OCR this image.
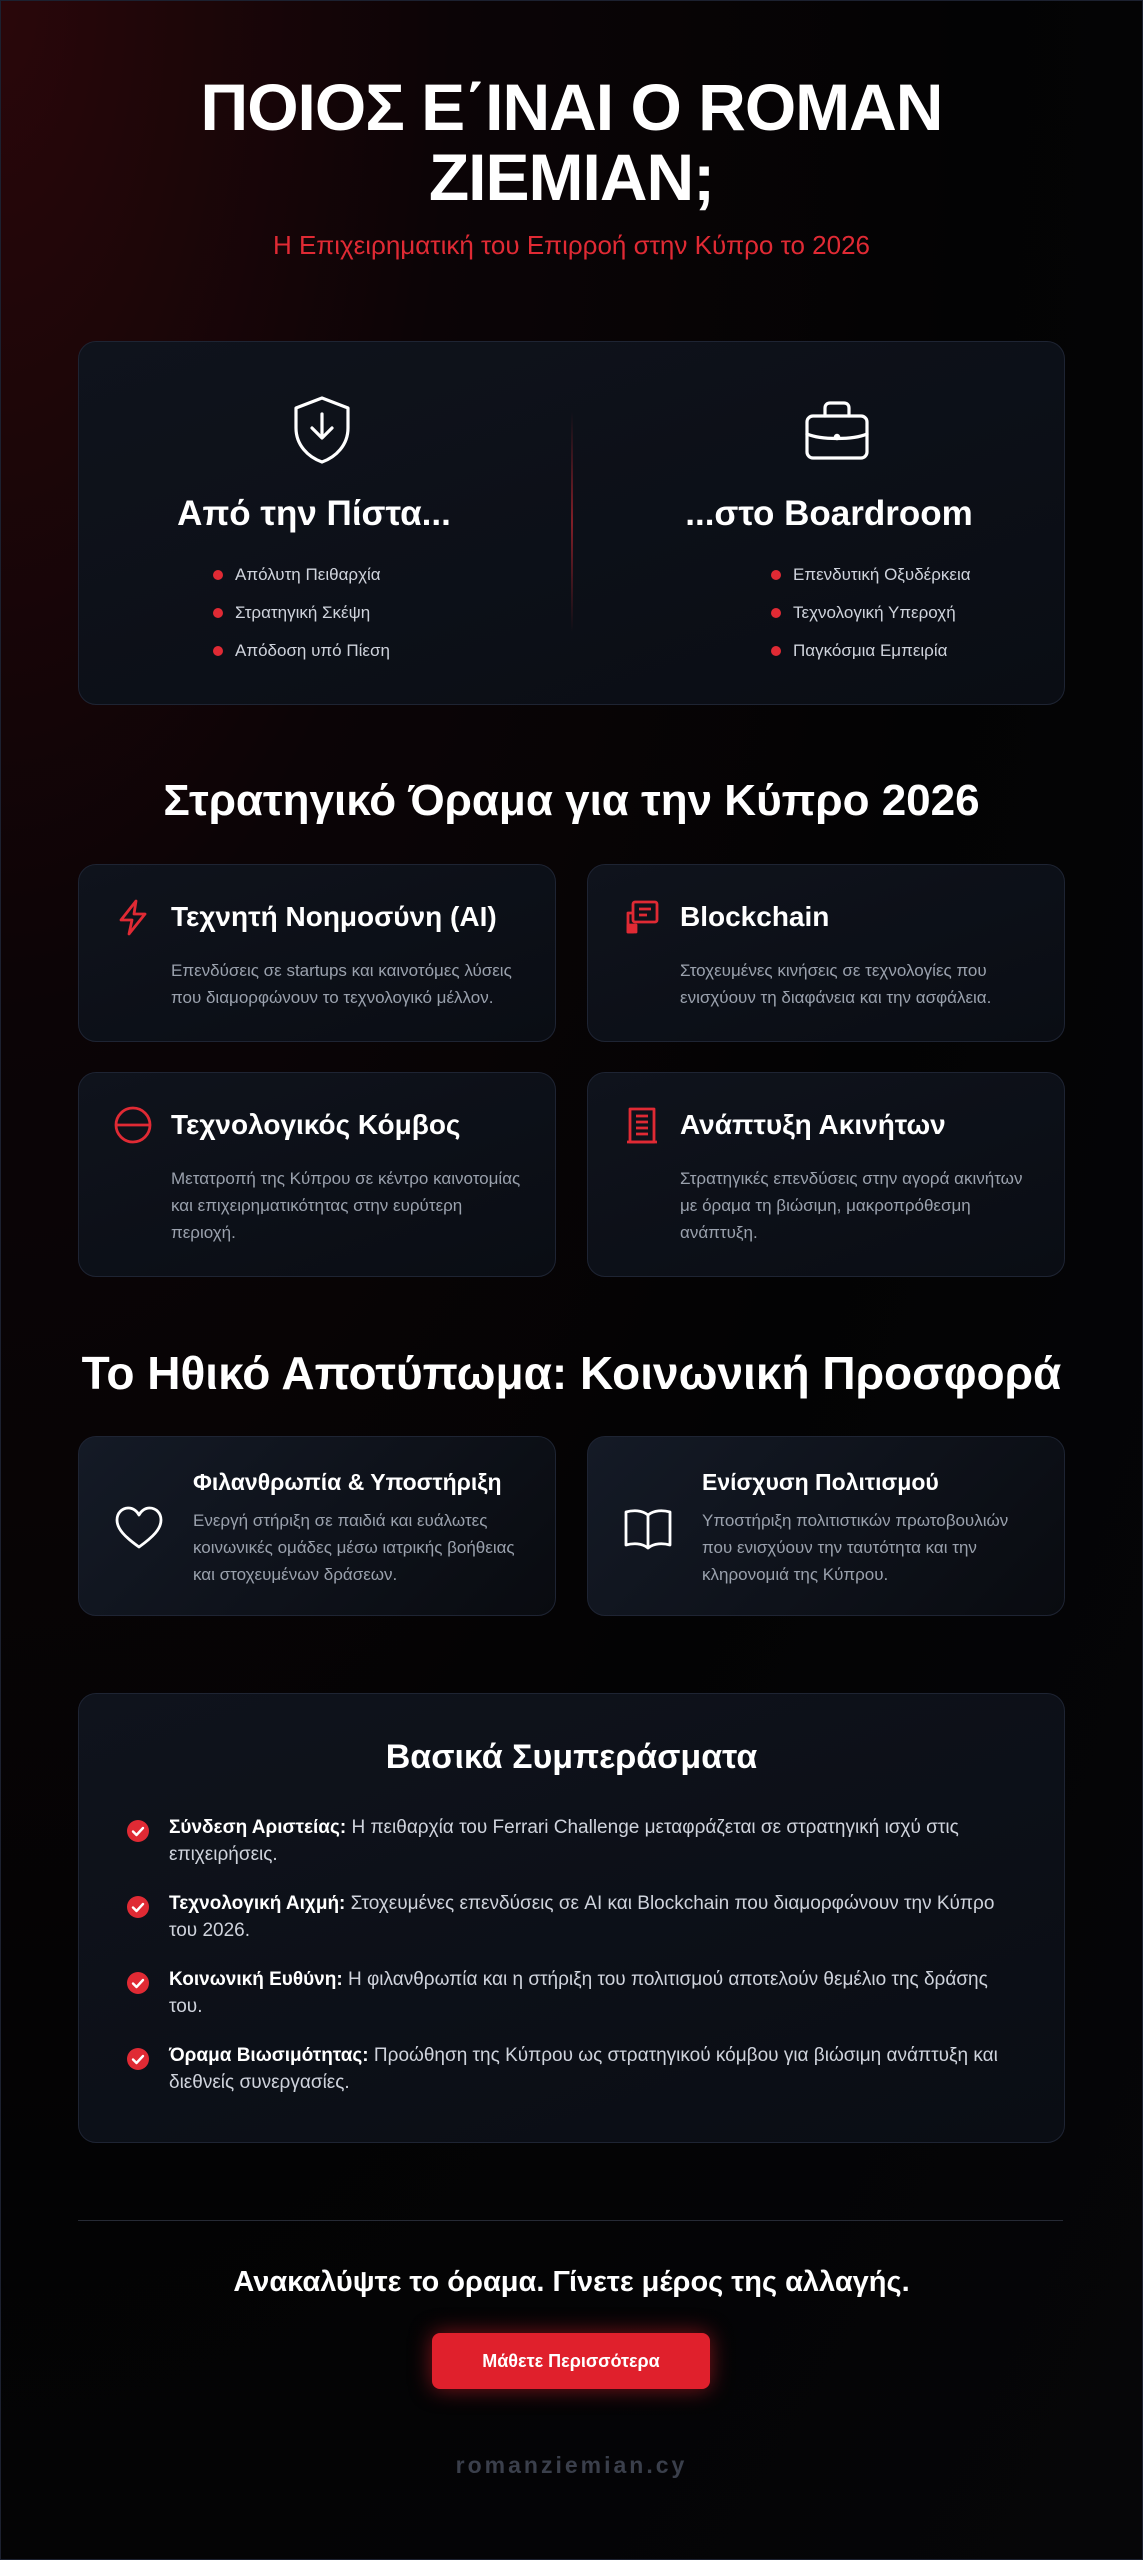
ΠΟΙΟΣ Ε΄ΙΝΑΙ Ο ROMAN ZIEMIAN;

Η Επιχειρηματική του Επιρροή στην Κύπρο το 2026

Από την Πίστα...
Απόλυτη Πειθαρχία
Στρατηγική Σκέψη
Απόδοση υπό Πίεση
...στο Boardroom
Επενδυτική Οξυδέρκεια
Τεχνολογική Υπεροχή
Παγκόσμια Εμπειρία
Στρατηγικό Όραμα για την Κύπρο 2026
Τεχνητή Νοημοσύνη (AI)
Επενδύσεις σε startups και καινοτόμες λύσεις που διαμορφώνουν το τεχνολογικό μέλλον.
Blockchain
Στοχευμένες κινήσεις σε τεχνολογίες που ενισχύουν τη διαφάνεια και την ασφάλεια.
Τεχνολογικός Κόμβος
Μετατροπή της Κύπρου σε κέντρο καινοτομίας και επιχειρηματικότητας στην ευρύτερη περιοχή.
Ανάπτυξη Ακινήτων
Στρατηγικές επενδύσεις στην αγορά ακινήτων με όραμα τη βιώσιμη, μακροπρόθεσμη ανάπτυξη.
Το Ηθικό Αποτύπωμα: Κοινωνική Προσφορά
Φιλανθρωπία & Υποστήριξη
Ενεργή στήριξη σε παιδιά και ευάλωτες κοινωνικές ομάδες μέσω ιατρικής βοήθειας και στοχευμένων δράσεων.
Ενίσχυση Πολιτισμού
Υποστήριξη πολιτιστικών πρωτοβουλιών που ενισχύουν την ταυτότητα και την κληρονομιά της Κύπρου.
Βασικά Συμπεράσματα
Σύνδεση Αριστείας: Η πειθαρχία του Ferrari Challenge μεταφράζεται σε στρατηγική ισχύ στις επιχειρήσεις.
Τεχνολογική Αιχμή: Στοχευμένες επενδύσεις σε AI και Blockchain που διαμορφώνουν την Κύπρο του 2026.
Κοινωνική Ευθύνη: Η φιλανθρωπία και η στήριξη του πολιτισμού αποτελούν θεμέλιο της δράσης του.
Όραμα Βιωσιμότητας: Προώθηση της Κύπρου ως στρατηγικού κόμβου για βιώσιμη ανάπτυξη και διεθνείς συνεργασίες.
Ανακαλύψτε το όραμα. Γίνετε μέρος της αλλαγής.
Μάθετε Περισσότερα
romanziemian.cy
